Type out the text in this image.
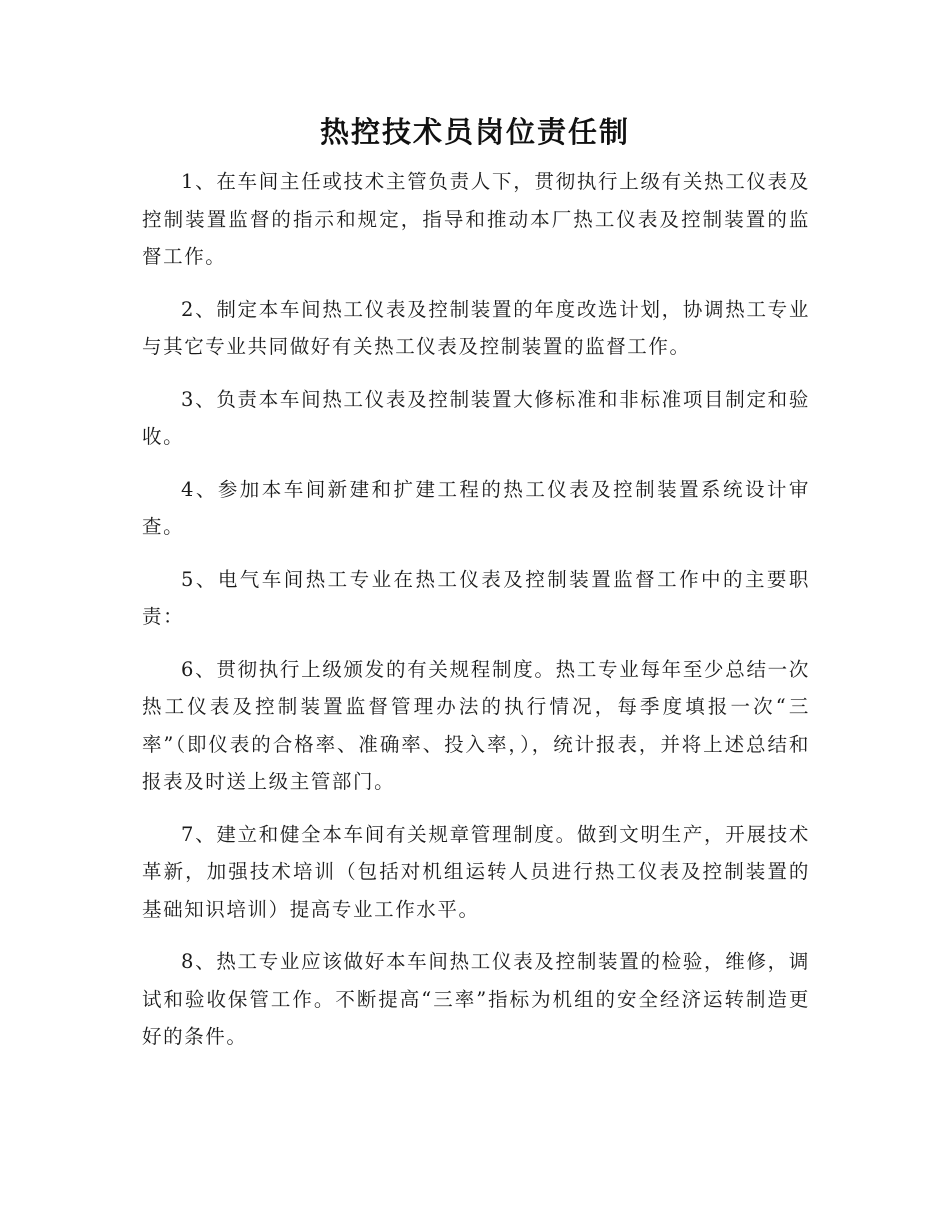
热控技术员岗位责任制

1、在车间主任或技术主管负责人下，贯彻执行上级有关热工仪表及控制装置监督的指示和规定，指导和推动本厂热工仪表及控制装置的监督工作。

2、制定本车间热工仪表及控制装置的年度改选计划，协调热工专业与其它专业共同做好有关热工仪表及控制装置的监督工作。

3、负责本车间热工仪表及控制装置大修标准和非标准项目制定和验收。

4、参加本车间新建和扩建工程的热工仪表及控制装置系统设计审查。

5、电气车间热工专业在热工仪表及控制装置监督工作中的主要职责：

6、贯彻执行上级颁发的有关规程制度。热工专业每年至少总结一次热工仪表及控制装置监督管理办法的执行情况，每季度填报一次“三率”（即仪表的合格率、准确率、投入率，），统计报表，并将上述总结和报表及时送上级主管部门。

7、建立和健全本车间有关规章管理制度。做到文明生产，开展技术革新，加强技术培训（包括对机组运转人员进行热工仪表及控制装置的基础知识培训）提高专业工作水平。

8、热工专业应该做好本车间热工仪表及控制装置的检验，维修，调试和验收保管工作。不断提高“三率”指标为机组的安全经济运转制造更好的条件。
